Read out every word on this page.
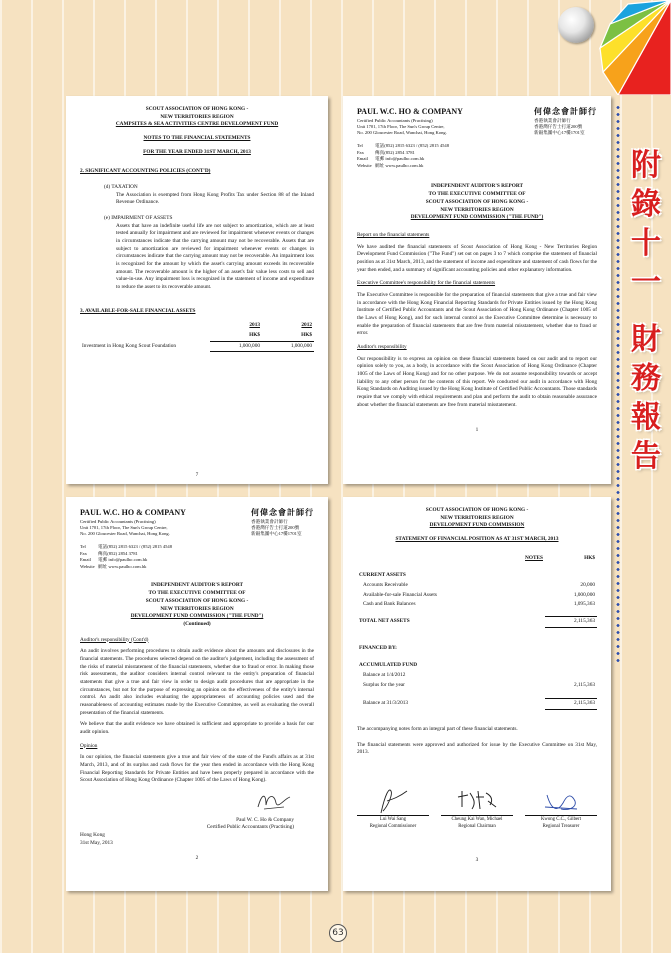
附
錄
十
一
財
務
報
告
63
SCOUT ASSOCIATION OF HONG KONG -
NEW TERRITORIES REGION
CAMPSITES & SEA ACTIVITIES CENTRE DEVELOPMENT FUND
NOTES TO THE FINANCIAL STATEMENTS
FOR THE YEAR ENDED 31ST MARCH, 2013
2. SIGNIFICANT ACCOUNTING POLICIES (CONT'D)
(d) TAXATION

The Association is exempted from Hong Kong Profits Tax under Section 88 of the Inland Revenue Ordinance.

(e) IMPAIRMENT OF ASSETS

Assets that have an indefinite useful life are not subject to amortization, which are at least tested annually for impairment and are reviewed for impairment whenever events or changes in circumstances indicate that the carrying amount may not be recoverable. Assets that are subject to amortization are reviewed for impairment whenever events or changes in circumstances indicate that the carrying amount may not be recoverable. An impairment loss is recognized for the amount by which the asset's carrying amount exceeds its recoverable amount. The recoverable amount is the higher of an asset's fair value less costs to sell and value-in-use. Any impairment loss is recognized in the statement of income and expenditure to reduce the asset to its recoverable amount.

3. AVAILABLE-FOR-SALE FINANCIAL ASSETS
	2013	2012
	HK$	HK$
Investment in Hong Kong Scout Foundation	1,000,000	1,000,000
7
PAUL W.C. HO & COMPANY
Certified Public Accountants (Practising)
Unit 1701, 17th Floor, The Sun's Group Centre,
No. 200 Gloucester Road, Wanchai, Hong Kong.
何偉念會計師行
香港執業會計師行
香港灣仔告士打道200號
新銀集團中心17樓1701室
Tel	電話(852) 2815 6323 / (852) 2815 4548
Fax	傳真(852) 2854 3781
Email	電郵 info@paulho.com.hk
Website 網址 www.paulho.com.hk
INDEPENDENT AUDITOR'S REPORT
TO THE EXECUTIVE COMMITTEE OF
SCOUT ASSOCIATION OF HONG KONG -
NEW TERRITORIES REGION
DEVELOPMENT FUND COMMISSION ("THE FUND")
Report on the financial statements

We have audited the financial statements of Scout Association of Hong Kong - New Territories Region Development Fund Commission ("The Fund") set out on pages 3 to 7 which comprise the statement of financial position as at 31st March, 2013, and the statement of income and expenditure and statement of cash flows for the year then ended, and a summary of significant accounting policies and other explanatory information.

Executive Committee's responsibility for the financial statements

The Executive Committee is responsible for the preparation of financial statements that give a true and fair view in accordance with the Hong Kong Financial Reporting Standards for Private Entities issued by the Hong Kong Institute of Certified Public Accountants and the Scout Association of Hong Kong Ordinance (Chapter 1005 of the Laws of Hong Kong), and for such internal control as the Executive Committee determine is necessary to enable the preparation of financial statements that are free from material misstatement, whether due to fraud or error.

Auditor's responsibility

Our responsibility is to express an opinion on these financial statements based on our audit and to report our opinion solely to you, as a body, in accordance with the Scout Association of Hong Kong Ordinance (Chapter 1005 of the Laws of Hong Kong) and for no other purpose. We do not assume responsibility towards or accept liability to any other person for the contents of this report. We conducted our audit in accordance with Hong Kong Standards on Auditing issued by the Hong Kong Institute of Certified Public Accountants. Those standards require that we comply with ethical requirements and plan and perform the audit to obtain reasonable assurance about whether the financial statements are free from material misstatement.

1
PAUL W.C. HO & COMPANY
Certified Public Accountants (Practising)
Unit 1701, 17th Floor, The Sun's Group Centre,
No. 200 Gloucester Road, Wanchai, Hong Kong.
何偉念會計師行
香港執業會計師行
香港灣仔告士打道200號
新銀集團中心17樓1701室
Tel	電話(852) 2815 6323 / (852) 2815 4548
Fax	傳真(852) 2854 3781
Email	電郵 info@paulho.com.hk
Website 網址 www.paulho.com.hk
INDEPENDENT AUDITOR'S REPORT
TO THE EXECUTIVE COMMITTEE OF
SCOUT ASSOCIATION OF HONG KONG -
NEW TERRITORIES REGION
DEVELOPMENT FUND COMMISSION ("THE FUND")
(Continued)
Auditor's responsibility (Cont'd)

An audit involves performing procedures to obtain audit evidence about the amounts and disclosures in the financial statements. The procedures selected depend on the auditor's judgement, including the assessment of the risks of material misstatement of the financial statements, whether due to fraud or error. In making those risk assessments, the auditor considers internal control relevant to the entity's preparation of financial statements that give a true and fair view in order to design audit procedures that are appropriate in the circumstances, but not for the purpose of expressing an opinion on the effectiveness of the entity's internal control. An audit also includes evaluating the appropriateness of accounting policies used and the reasonableness of accounting estimates made by the Executive Committee, as well as evaluating the overall presentation of the financial statements.

We believe that the audit evidence we have obtained is sufficient and appropriate to provide a basis for our audit opinion.

Opinion

In our opinion, the financial statements give a true and fair view of the state of the Fund's affairs as at 31st March, 2013, and of its surplus and cash flows for the year then ended in accordance with the Hong Kong Financial Reporting Standards for Private Entities and have been properly prepared in accordance with the Scout Association of Hong Kong Ordinance (Chapter 1005 of the Laws of Hong Kong).

Paul W. C. Ho & Company
Certified Public Accountants (Practising)
Hong Kong
31st May, 2013
2
SCOUT ASSOCIATION OF HONG KONG -
NEW TERRITORIES REGION
DEVELOPMENT FUND COMMISSION
STATEMENT OF FINANCIAL POSITION AS AT 31ST MARCH, 2013
	NOTES	HK$

CURRENT ASSETS		
Accounts Receivable		20,000
Available-for-sale Financial Assets		1,000,000
Cash and Bank Balances		1,095,363

TOTAL NET ASSETS		2,115,363

FINANCED BY:		

ACCUMULATED FUND		
Balance at 1/4/2012		
Surplus for the year		2,115,363

Balance at 31/3/2013		2,115,363

The accompanying notes form an integral part of these financial statements.

The financial statements were approved and authorized for issue by the Executive Committee on 31st May, 2013.

Lui Wai Sang
Regional Commissioner
Cheung Kai Wan, Michael
Regional Chairman
Kwong C.C., Gilbert
Regional Treasurer
3
